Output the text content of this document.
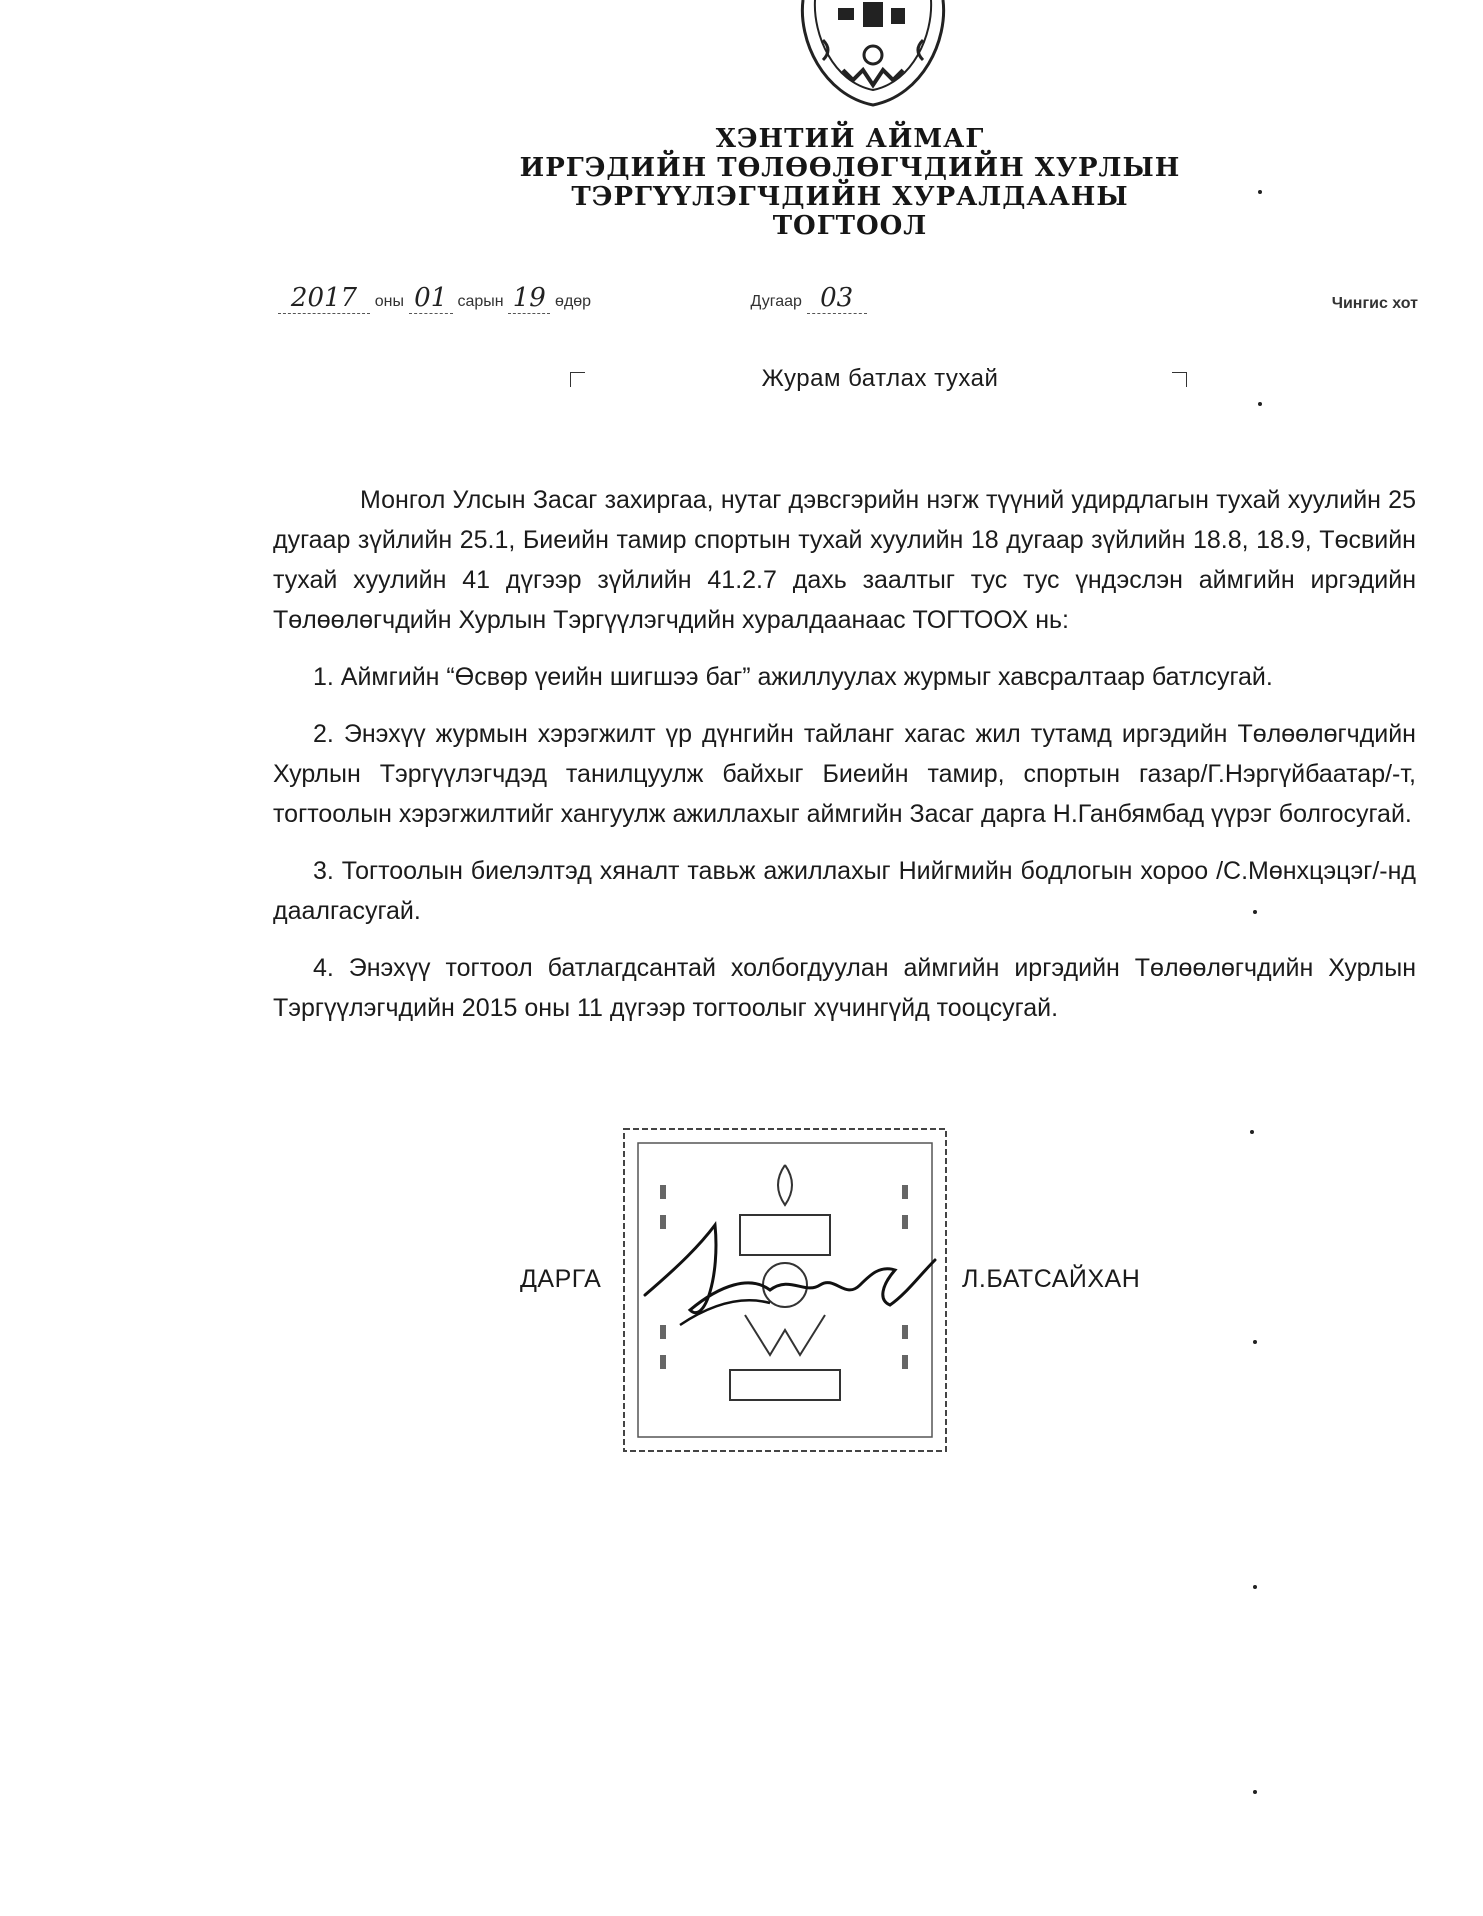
ХЭНТИЙ АЙМАГ
ИРГЭДИЙН ТӨЛӨӨЛӨГЧДИЙН ХУРЛЫН
ТЭРГҮҮЛЭГЧДИЙН ХУРАЛДААНЫ
ТОГТООЛ
2017 оны 01 сарын 19 өдөр	Дугаар 03	Чингис хот
Журам батлах тухай

Монгол Улсын Засаг захиргаа, нутаг дэвсгэрийн нэгж түүний удирдлагын тухай хуулийн 25 дугаар зүйлийн 25.1, Биеийн тамир спортын тухай хуулийн 18 дугаар зүйлийн 18.8, 18.9, Төсвийн тухай хуулийн 41 дүгээр зүйлийн 41.2.7 дахь заалтыг тус тус үндэслэн аймгийн иргэдийн Төлөөлөгчдийн Хурлын Тэргүүлэгчдийн хуралдаанаас ТОГТООХ нь:

1. Аймгийн “Өсвөр үеийн шигшээ баг” ажиллуулах журмыг хавсралтаар батлсугай.

2. Энэхүү журмын хэрэгжилт үр дүнгийн тайланг хагас жил тутамд иргэдийн Төлөөлөгчдийн Хурлын Тэргүүлэгчдэд танилцуулж байхыг Биеийн тамир, спортын газар/Г.Нэргүйбаатар/-т, тогтоолын хэрэгжилтийг хангуулж ажиллахыг аймгийн Засаг дарга Н.Ганбямбад үүрэг болгосугай.

3. Тогтоолын биелэлтэд хяналт тавьж ажиллахыг Нийгмийн бодлогын хороо /С.Мөнхцэцэг/-нд даалгасугай.

4. Энэхүү тогтоол батлагдсантай холбогдуулан аймгийн иргэдийн Төлөөлөгчдийн Хурлын Тэргүүлэгчдийн 2015 оны 11 дүгээр тогтоолыг хүчингүйд тооцсугай.

ДАРГА	Л.БАТСАЙХАН
